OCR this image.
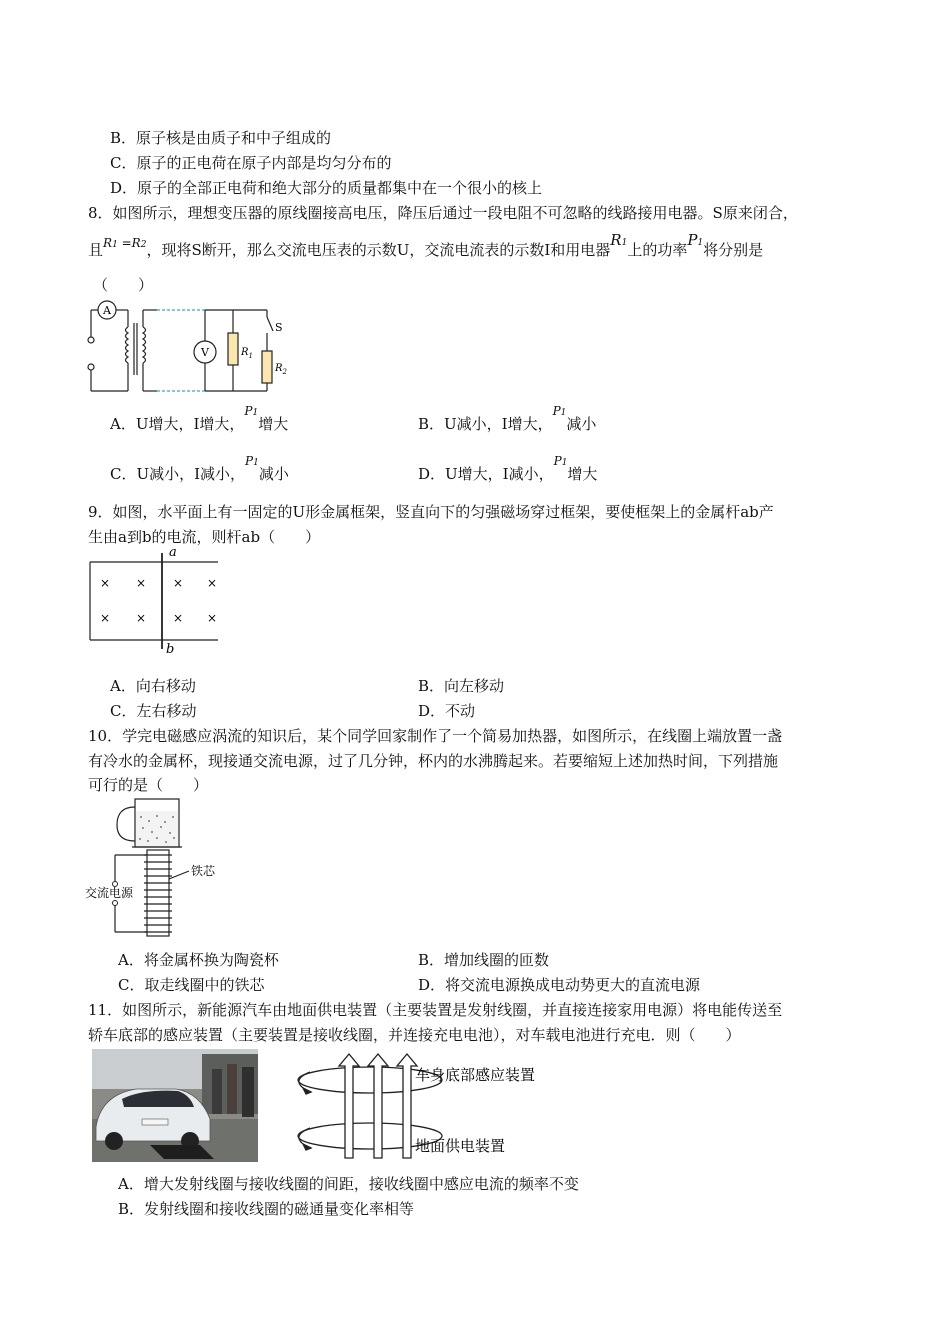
B．原子核是由质子和中子组成的
C．原子的正电荷在原子内部是均匀分布的
D．原子的全部正电荷和绝大部分的质量都集中在一个很小的核上
8．如图所示，理想变压器的原线圈接高电压，降压后通过一段电阻不可忽略的线路接用电器。S原来闭合，
且$^{R1 =R2}$，现将S断开，那么交流电压表的示数U，交流电流表的示数I和用电器R1上的功率P1将分别是
（　　）
A
V
S
$R_1$
$R_2$
A．U增大，I增大，$^{P1}$增大	B．U减小，I增大，$^{P1}$减小
C．U减小，I减小，$^{P1}$减小	D．U增大，I减小，$^{P1}$增大
9．如图，水平面上有一固定的U形金属框架，竖直向下的匀强磁场穿过框架，要使框架上的金属杆ab产
生由a到b的电流，则杆ab（　　）
× × × ×
× × × ×
a
b
A．向右移动	B．向左移动
C．左右移动	D．不动
10．学完电磁感应涡流的知识后，某个同学回家制作了一个简易加热器，如图所示，在线圈上端放置一盏
有冷水的金属杯，现接通交流电源，过了几分钟，杯内的水沸腾起来。若要缩短上述加热时间，下列措施
可行的是（　　）
铁芯
交流电源
A．将金属杯换为陶瓷杯	B．增加线圈的匝数
C．取走线圈中的铁芯	D．将交流电源换成电动势更大的直流电源
11．如图所示，新能源汽车由地面供电装置（主要装置是发射线圈，并直接连接家用电源）将电能传送至
轿车底部的感应装置（主要装置是接收线圈，并连接充电电池），对车载电池进行充电．则（　　）
车身底部感应装置
地面供电装置
A．增大发射线圈与接收线圈的间距，接收线圈中感应电流的频率不变
B．发射线圈和接收线圈的磁通量变化率相等
